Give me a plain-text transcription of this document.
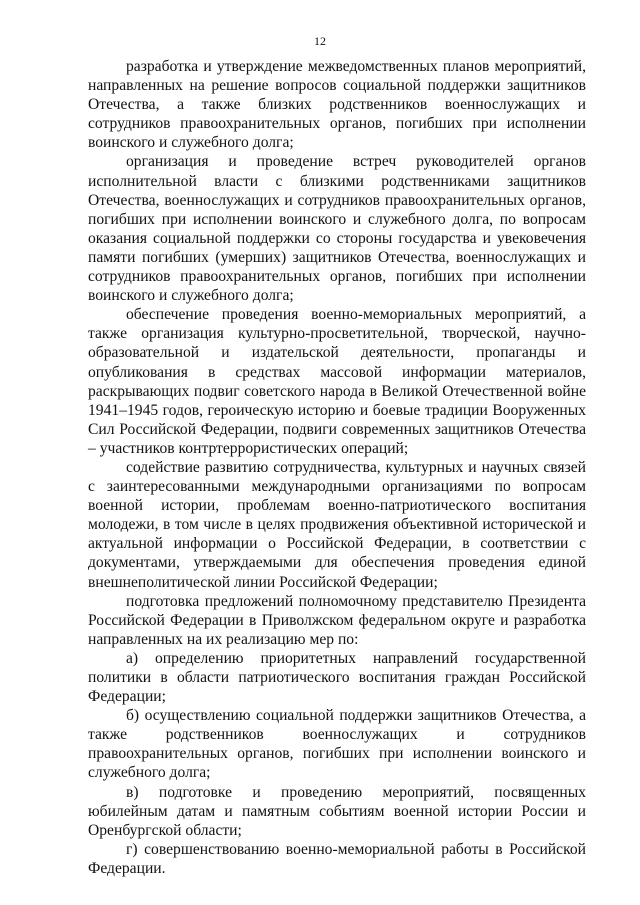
12

разработка и утверждение межведомственных планов мероприятий, направленных на решение вопросов социальной поддержки защитников Отечества, а также близких родственников военнослужащих и сотрудников правоохранительных органов, погибших при исполнении воинского и служебного долга;

организация и проведение встреч руководителей органов исполнительной власти с близкими родственниками защитников Отечества, военнослужащих и сотрудников правоохранительных органов, погибших при исполнении воинского и служебного долга, по вопросам оказания социальной поддержки со стороны государства и увековечения памяти погибших (умерших) защитников Отечества, военнослужащих и сотрудников правоохранительных органов, погибших при исполнении воинского и служебного долга;

обеспечение проведения военно-мемориальных мероприятий, а также организация культурно-просветительной, творческой, научно-образовательной и издательской деятельности, пропаганды и опубликования в средствах массовой информации материалов, раскрывающих подвиг советского народа в Великой Отечественной войне 1941–1945 годов, героическую историю и боевые традиции Вооруженных Сил Российской Федерации, подвиги современных защитников Отечества – участников контртеррористических операций;

содействие развитию сотрудничества, культурных и научных связей с заинтересованными международными организациями по вопросам военной истории, проблемам военно-патриотического воспитания молодежи, в том числе в целях продвижения объективной исторической и актуальной информации о Российской Федерации, в соответствии с документами, утверждаемыми для обеспечения проведения единой внешнеполитической линии Российской Федерации;

подготовка предложений полномочному представителю Президента Российской Федерации в Приволжском федеральном округе и разработка направленных на их реализацию мер по:

а) определению приоритетных направлений государственной политики в области патриотического воспитания граждан Российской Федерации;

б) осуществлению социальной поддержки защитников Отечества, а также родственников военнослужащих и сотрудников правоохранительных органов, погибших при исполнении воинского и служебного долга;

в) подготовке и проведению мероприятий, посвященных юбилейным датам и памятным событиям военной истории России и Оренбургской области;

г) совершенствованию военно-мемориальной работы в Российской Федерации.
